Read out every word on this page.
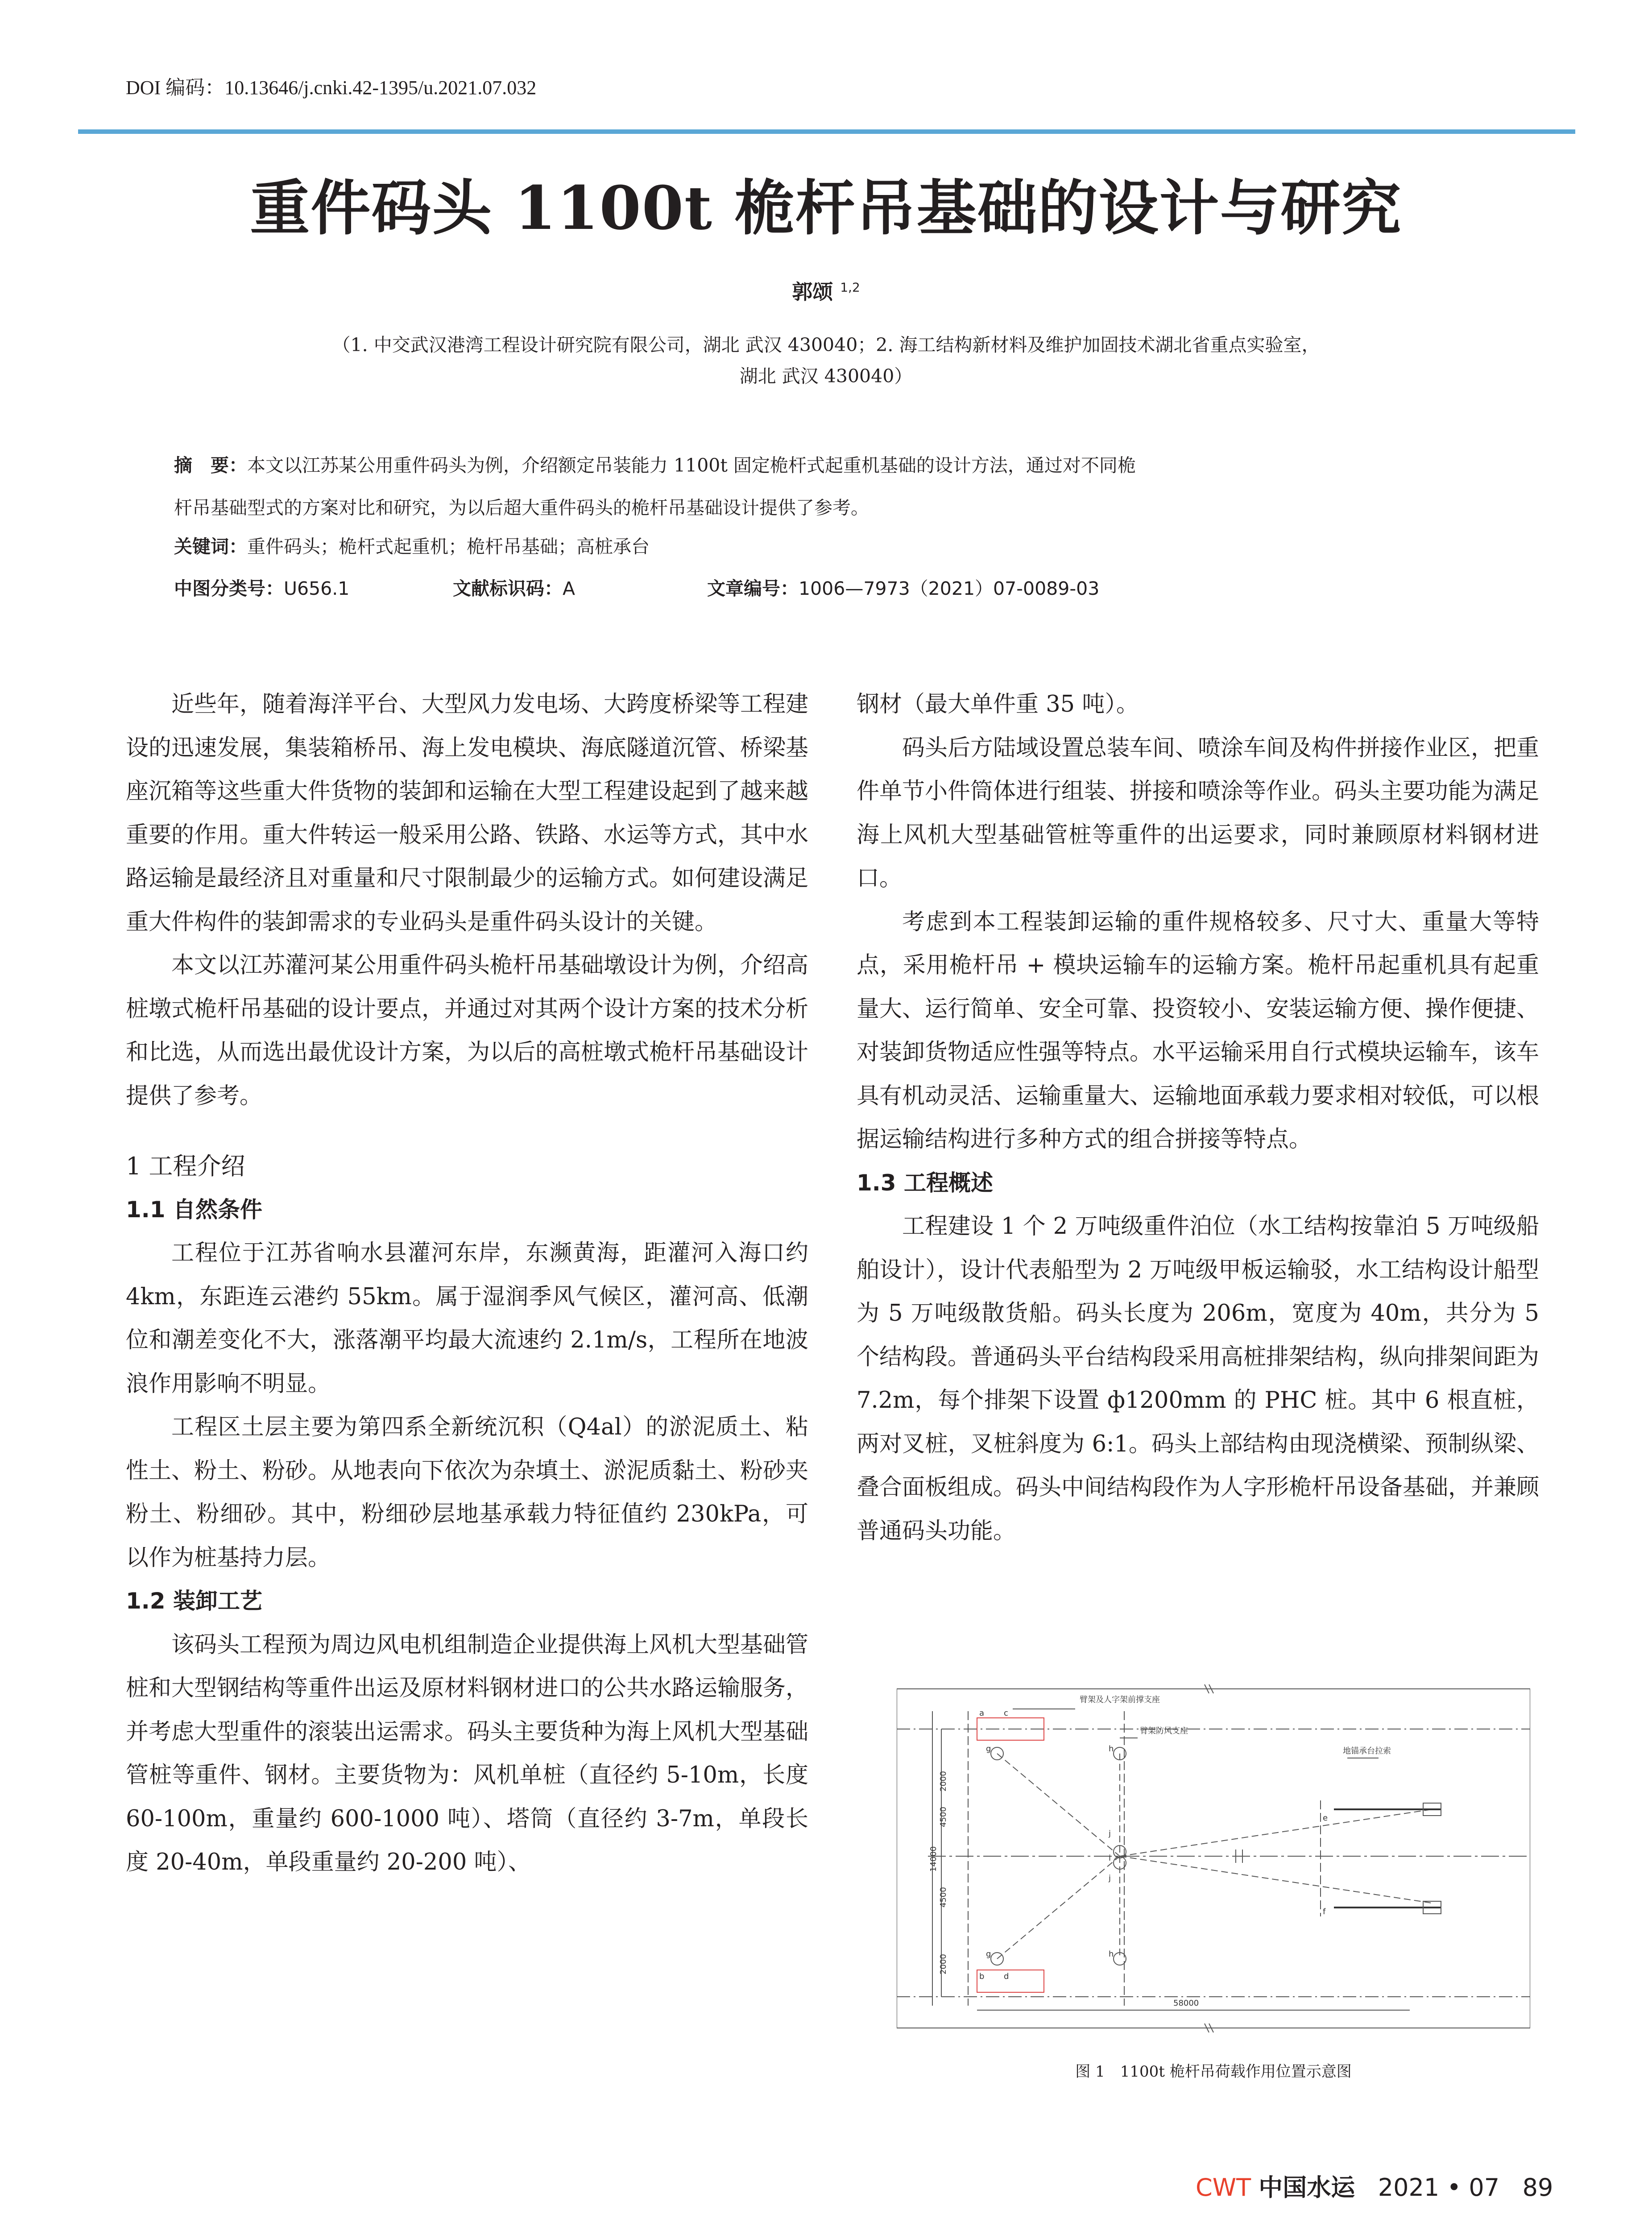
DOI 编码：10.13646/j.cnki.42-1395/u.2021.07.032
重件码头 1100t 桅杆吊基础的设计与研究
郭颂 $^{1,2}$
（1. 中交武汉港湾工程设计研究院有限公司，湖北 武汉 430040；2. 海工结构新材料及维护加固技术湖北省重点实验室，
湖北 武汉 430040）
摘　要：本文以江苏某公用重件码头为例，介绍额定吊装能力 1100t 固定桅杆式起重机基础的设计方法，通过对不同桅
杆吊基础型式的方案对比和研究，为以后超大重件码头的桅杆吊基础设计提供了参考。
关键词：重件码头；桅杆式起重机；桅杆吊基础；高桩承台
中图分类号：U656.1	文献标识码：A	文章编号：1006—7973（2021）07-0089-03

近些年，随着海洋平台、大型风力发电场、大跨度桥梁等工程建设的迅速发展，集装箱桥吊、海上发电模块、海底隧道沉管、桥梁基座沉箱等这些重大件货物的装卸和运输在大型工程建设起到了越来越重要的作用。重大件转运一般采用公路、铁路、水运等方式，其中水路运输是最经济且对重量和尺寸限制最少的运输方式。如何建设满足重大件构件的装卸需求的专业码头是重件码头设计的关键。

本文以江苏灌河某公用重件码头桅杆吊基础墩设计为例，介绍高桩墩式桅杆吊基础的设计要点，并通过对其两个设计方案的技术分析和比选，从而选出最优设计方案，为以后的高桩墩式桅杆吊基础设计提供了参考。

1 工程介绍
1.1 自然条件

工程位于江苏省响水县灌河东岸，东濒黄海，距灌河入海口约 4km，东距连云港约 55km。属于湿润季风气候区，灌河高、低潮位和潮差变化不大，涨落潮平均最大流速约 2.1m/s，工程所在地波浪作用影响不明显。

工程区土层主要为第四系全新统沉积（Q4al）的淤泥质土、粘性土、粉土、粉砂。从地表向下依次为杂填土、淤泥质黏土、粉砂夹粉土、粉细砂。其中，粉细砂层地基承载力特征值约 230kPa，可以作为桩基持力层。

1.2 装卸工艺

该码头工程预为周边风电机组制造企业提供海上风机大型基础管桩和大型钢结构等重件出运及原材料钢材进口的公共水路运输服务，并考虑大型重件的滚装出运需求。码头主要货种为海上风机大型基础管桩等重件、钢材。主要货物为：风机单桩（直径约 5-10m，长度 60-100m，重量约 600-1000 吨）、塔筒（直径约 3-7m，单段长度 20-40m，单段重量约 20-200 吨）、

钢材（最大单件重 35 吨）。

码头后方陆域设置总装车间、喷涂车间及构件拼接作业区，把重件单节小件筒体进行组装、拼接和喷涂等作业。码头主要功能为满足海上风机大型基础管桩等重件的出运要求，同时兼顾原材料钢材进口。

考虑到本工程装卸运输的重件规格较多、尺寸大、重量大等特点，采用桅杆吊 + 模块运输车的运输方案。桅杆吊起重机具有起重量大、运行简单、安全可靠、投资较小、安装运输方便、操作便捷、对装卸货物适应性强等特点。水平运输采用自行式模块运输车，该车具有机动灵活、运输重量大、运输地面承载力要求相对较低，可以根据运输结构进行多种方式的组合拼接等特点。

1.3 工程概述

工程建设 1 个 2 万吨级重件泊位（水工结构按靠泊 5 万吨级船舶设计），设计代表船型为 2 万吨级甲板运输驳，水工结构设计船型为 5 万吨级散货船。码头长度为 206m，宽度为 40m，共分为 5 个结构段。普通码头平台结构段采用高桩排架结构，纵向排架间距为 7.2m，每个排架下设置 ф1200mm 的 PHC 桩。其中 6 根直桩，两对叉桩，叉桩斜度为 6:1。码头上部结构由现浇横梁、预制纵梁、叠合面板组成。码头中间结构段作为人字形桅杆吊设备基础，并兼顾普通码头功能。

臂架及人字架前撑支座
臂架防风支座
地锚承台拉索
2000
4500
4500
2000
14000
58000
a
b
c
d
e
f
g
g
h
h
i
j
j
图 1　1100t 桅杆吊荷载作用位置示意图
CWT 中国水运 2021 • 07 89
